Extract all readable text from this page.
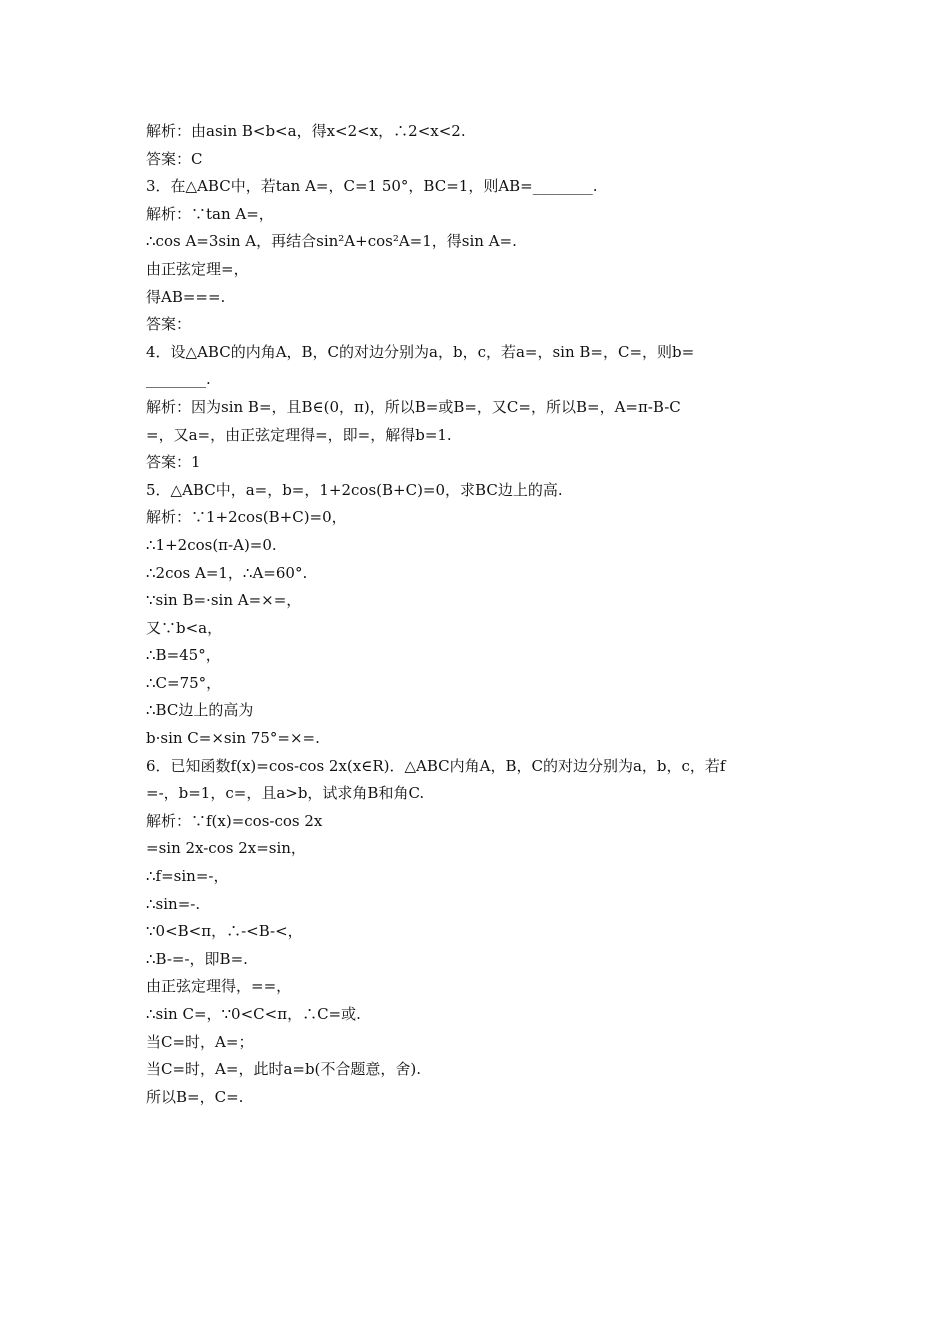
解析：由asin B<b<a，得x<2<x，∴2<x<2.
答案：C
3．在△ABC中，若tan A=，C=1 50°，BC=1，则AB=________.
解析：∵tan A=，
∴cos A=3sin A，再结合sin²A+cos²A=1，得sin A=.
由正弦定理=，
得AB===.
答案：
4．设△ABC的内角A，B，C的对边分别为a，b，c，若a=，sin B=，C=，则b=
________.
解析：因为sin B=，且B∈(0，π)，所以B=或B=，又C=，所以B=，A=π-B-C
=，又a=，由正弦定理得=，即=，解得b=1.
答案：1
5．△ABC中，a=，b=，1+2cos(B+C)=0，求BC边上的高.
解析：∵1+2cos(B+C)=0，
∴1+2cos(π-A)=0.
∴2cos A=1，∴A=60°.
∵sin B=·sin A=×=，
又∵b<a，
∴B=45°，
∴C=75°，
∴BC边上的高为
b·sin C=×sin 75°=×=.
6．已知函数f(x)=cos-cos 2x(x∈R)．△ABC内角A，B，C的对边分别为a，b，c，若f
=-，b=1，c=，且a>b，试求角B和角C.
解析：∵f(x)=cos-cos 2x
=sin 2x-cos 2x=sin，
∴f=sin=-，
∴sin=-.
∵0<B<π，∴-<B-<，
∴B-=-，即B=.
由正弦定理得，==，
∴sin C=，∵0<C<π，∴C=或.
当C=时，A=；
当C=时，A=，此时a=b(不合题意，舍).
所以B=，C=.
